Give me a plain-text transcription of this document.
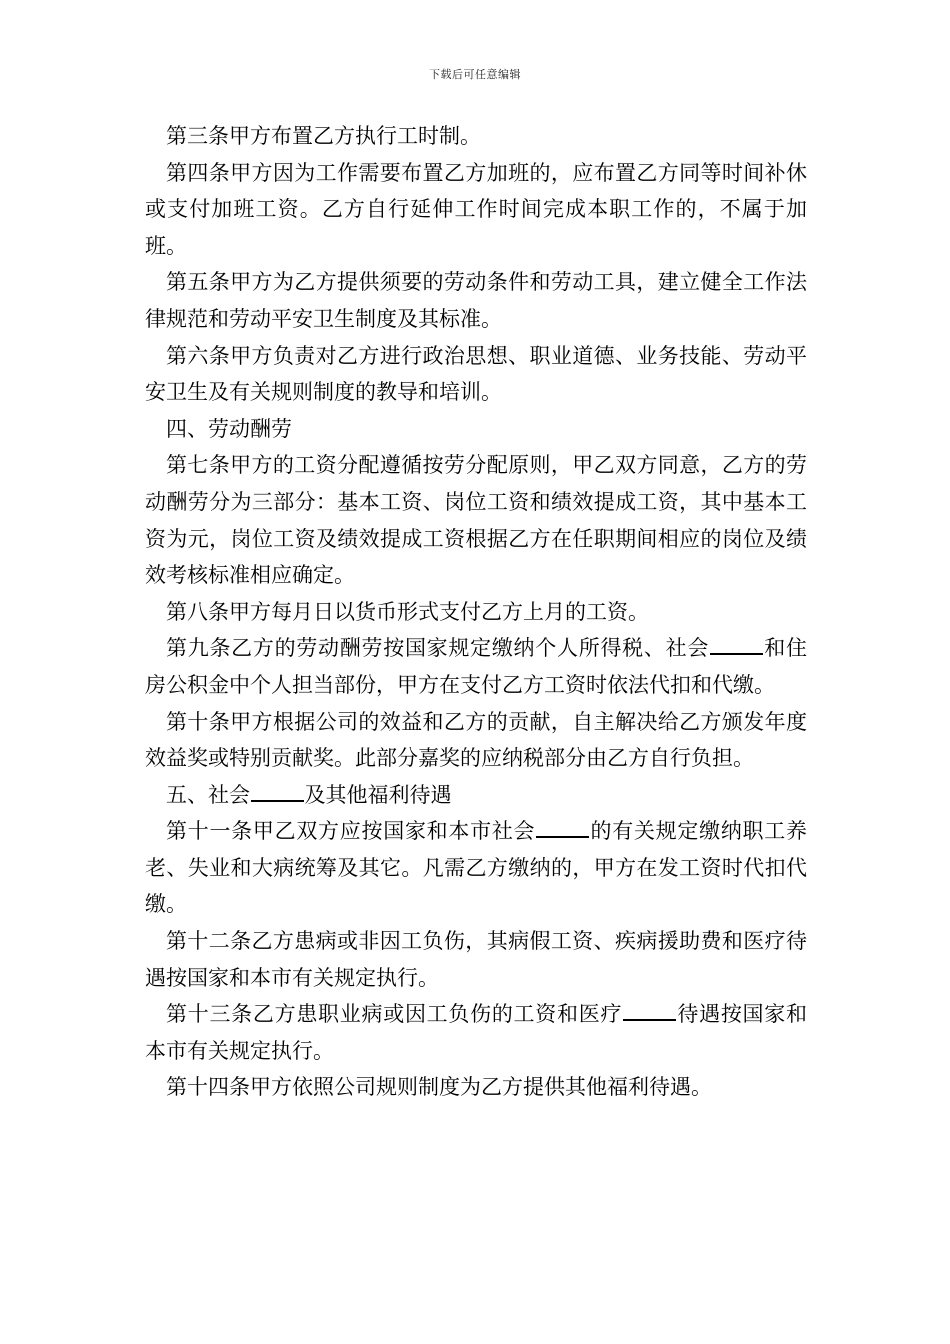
下载后可任意编辑

第三条甲方布置乙方执行工时制。

第四条甲方因为工作需要布置乙方加班的，应布置乙方同等时间补休或支付加班工资。乙方自行延伸工作时间完成本职工作的，不属于加班。

第五条甲方为乙方提供须要的劳动条件和劳动工具，建立健全工作法律规范和劳动平安卫生制度及其标准。

第六条甲方负责对乙方进行政治思想、职业道德、业务技能、劳动平安卫生及有关规则制度的教导和培训。

四、劳动酬劳

第七条甲方的工资分配遵循按劳分配原则，甲乙双方同意，乙方的劳动酬劳分为三部分：基本工资、岗位工资和绩效提成工资，其中基本工资为元，岗位工资及绩效提成工资根据乙方在任职期间相应的岗位及绩效考核标准相应确定。

第八条甲方每月日以货币形式支付乙方上月的工资。

第九条乙方的劳动酬劳按国家规定缴纳个人所得税、社会	和住房公积金中个人担当部份，甲方在支付乙方工资时依法代扣和代缴。

第十条甲方根据公司的效益和乙方的贡献，自主解决给乙方颁发年度效益奖或特别贡献奖。此部分嘉奖的应纳税部分由乙方自行负担。

五、社会	及其他福利待遇

第十一条甲乙双方应按国家和本市社会	的有关规定缴纳职工养老、失业和大病统筹及其它。凡需乙方缴纳的，甲方在发工资时代扣代缴。

第十二条乙方患病或非因工负伤，其病假工资、疾病援助费和医疗待遇按国家和本市有关规定执行。

第十三条乙方患职业病或因工负伤的工资和医疗	待遇按国家和本市有关规定执行。

第十四条甲方依照公司规则制度为乙方提供其他福利待遇。
